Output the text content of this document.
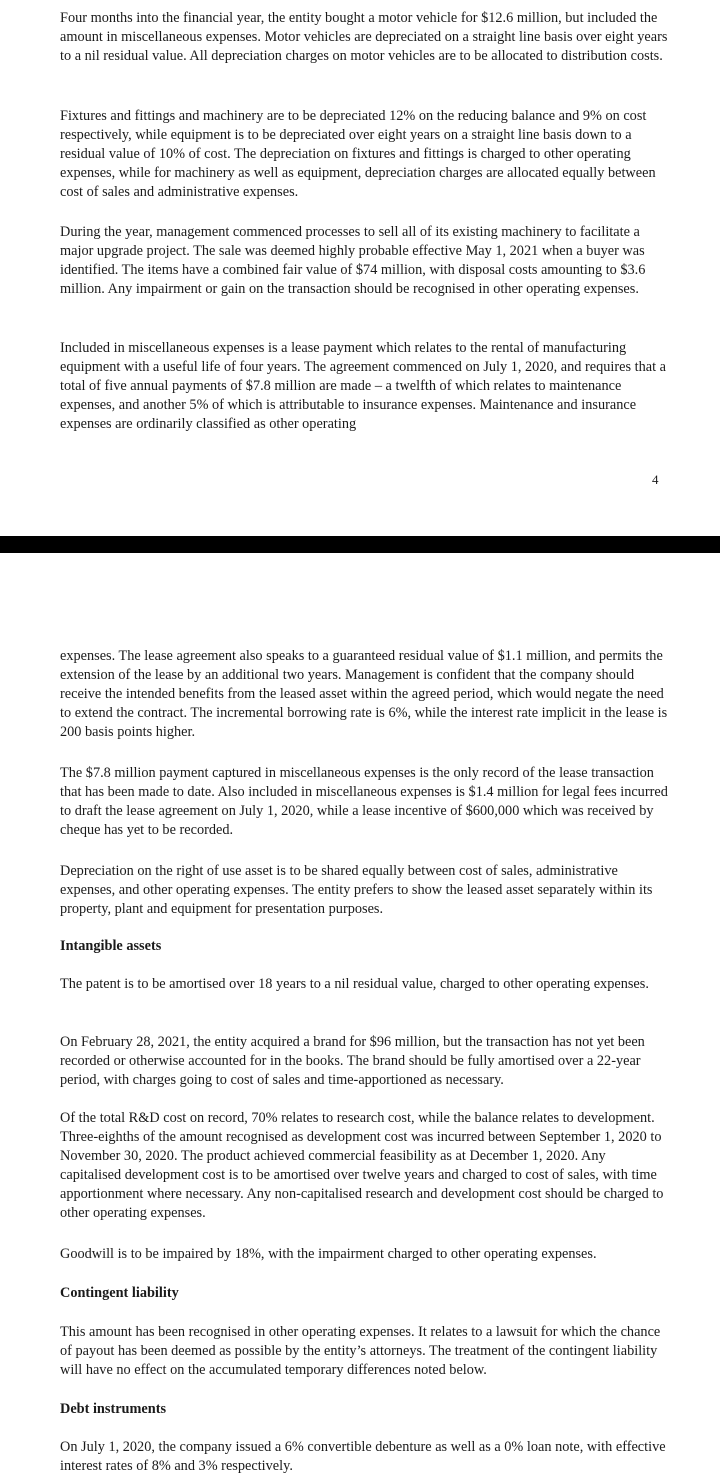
Four months into the financial year, the entity bought a motor vehicle for $12.6 million, but included the amount in miscellaneous expenses. Motor vehicles are depreciated on a straight line basis over eight years to a nil residual value. All depreciation charges on motor vehicles are to be allocated to distribution costs.

Fixtures and fittings and machinery are to be depreciated 12% on the reducing balance and 9% on cost respectively, while equipment is to be depreciated over eight years on a straight line basis down to a residual value of 10% of cost. The depreciation on fixtures and fittings is charged to other operating expenses, while for machinery as well as equipment, depreciation charges are allocated equally between cost of sales and administrative expenses.

During the year, management commenced processes to sell all of its existing machinery to facilitate a major upgrade project. The sale was deemed highly probable effective May 1, 2021 when a buyer was identified. The items have a combined fair value of $74 million, with disposal costs amounting to $3.6 million. Any impairment or gain on the transaction should be recognised in other operating expenses.

Included in miscellaneous expenses is a lease payment which relates to the rental of manufacturing equipment with a useful life of four years. The agreement commenced on July 1, 2020, and requires that a total of five annual payments of $7.8 million are made – a twelfth of which relates to maintenance expenses, and another 5% of which is attributable to insurance expenses. Maintenance and insurance expenses are ordinarily classified as other operating

4

expenses. The lease agreement also speaks to a guaranteed residual value of $1.1 million, and permits the extension of the lease by an additional two years. Management is confident that the company should receive the intended benefits from the leased asset within the agreed period, which would negate the need to extend the contract. The incremental borrowing rate is 6%, while the interest rate implicit in the lease is 200 basis points higher.

The $7.8 million payment captured in miscellaneous expenses is the only record of the lease transaction that has been made to date. Also included in miscellaneous expenses is $1.4 million for legal fees incurred to draft the lease agreement on July 1, 2020, while a lease incentive of $600,000 which was received by cheque has yet to be recorded.

Depreciation on the right of use asset is to be shared equally between cost of sales, administrative expenses, and other operating expenses. The entity prefers to show the leased asset separately within its property, plant and equipment for presentation purposes.

Intangible assets

The patent is to be amortised over 18 years to a nil residual value, charged to other operating expenses.

On February 28, 2021, the entity acquired a brand for $96 million, but the transaction has not yet been recorded or otherwise accounted for in the books. The brand should be fully amortised over a 22-year period, with charges going to cost of sales and time-apportioned as necessary.

Of the total R&D cost on record, 70% relates to research cost, while the balance relates to development. Three-eighths of the amount recognised as development cost was incurred between September 1, 2020 to November 30, 2020. The product achieved commercial feasibility as at December 1, 2020. Any capitalised development cost is to be amortised over twelve years and charged to cost of sales, with time apportionment where necessary. Any non-capitalised research and development cost should be charged to other operating expenses.

Goodwill is to be impaired by 18%, with the impairment charged to other operating expenses.

Contingent liability

This amount has been recognised in other operating expenses. It relates to a lawsuit for which the chance of payout has been deemed as possible by the entity’s attorneys. The treatment of the contingent liability will have no effect on the accumulated temporary differences noted below.

Debt instruments

On July 1, 2020, the company issued a 6% convertible debenture as well as a 0% loan note, with effective interest rates of 8% and 3% respectively.
